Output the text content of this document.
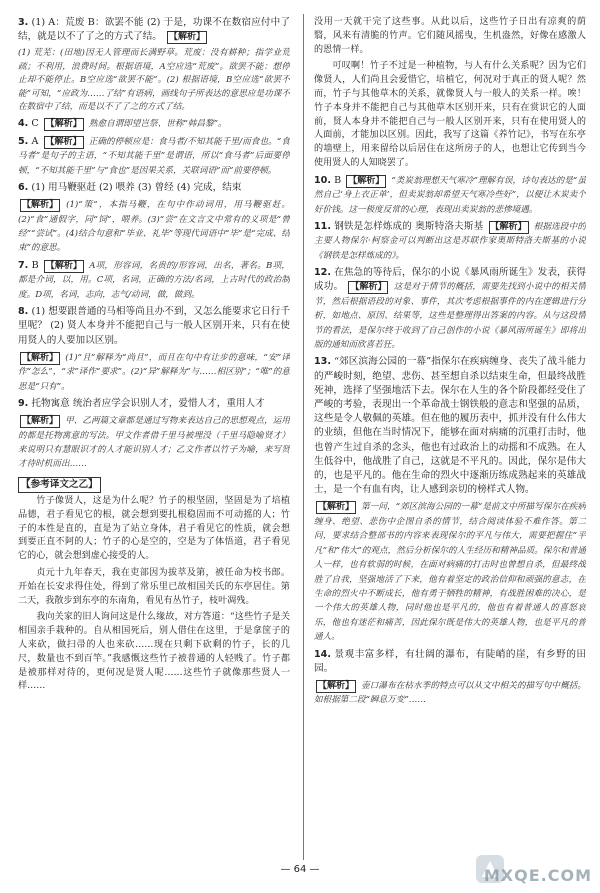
3. (1) A：荒废 B：欲罢不能 (2) 于是，功课不在数宿应付中了结，就是以不了了之的方式了结。 【解析】

(1) 荒芜：(田地)因无人管理而长满野草。荒废：没有耕种；指学业荒疏；不利用，浪费时间。根据语境，A空应选“荒废”。欲罢不能：想停止却不能停止。B空应选“欲罢不能”。(2) 根据语境，B空应选“欲罢不能”可知，“应政为……了结”有语病，画线句子所表达的意思应是功课不在数宿中了结，而是以不了了之的方式了结。

4. C 【解析】 熟愈自谓即望岂祭、世称“韩昌黎”。

5. A 【解析】 正确的停顿应是：食马者/不知其能千里/而食也。“食马者”是句子的主语，“不知其能千里”是谓语，所以“食马者”后面要停顿，“不知其能千里”与“食也”是因果关系，关联词语“而”前要停顿。

6. (1) 用马鞭驱赶 (2) 喂养 (3) 曾经 (4) 完成，结束

【解析】 (1)“策”，本指马鞭，在句中作动词用，用马鞭驱赶。(2)“食”通假字，同“饲”，喂养。(3)“尝”在文言文中常有的义项是“曾经”“尝试”。(4)结合句意和“毕业、礼毕”等现代词语中“毕”是“完成、结束”的意思。

7. B 【解析】 A项，形容词，名贵的/形容词，出名，著名。B项，都是介词，以，用。C项，名词，正确的方法/名词，上古时代的政治制度。D项，名词，志向，志气/动词，做，做到。

8. (1) 想要跟普通的马相等尚且办不到，又怎么能要求它日行千里呢？ (2) 贤人本身并不能把自己与一般人区别开来，只有在使用贤人的人要加以区别。

【解析】 (1)“且”解释为“尚且”，而且在句中有让步的意味，“安”译作“怎么”，“求”译作“要求”。(2)“异”解释为“与……相区别”；“唯”的意思是“只有”。

9. 托物寓意 统治者应学会识别人才，爱惜人才，重用人才

【解析】 甲、乙两篇文章都是通过写物来表达自己的思想观点，运用的都是托物寓意的写法。甲文作者借千里马被埋没（千里马隐喻贤才）来说明只有慧眼识才的人才能识别人才；乙文作者以竹子为喻，来写贤才待时机而出……

【参考译文之乙】

竹子像贤人，这是为什么呢？竹子的根坚固，坚固是为了培植品德，君子看见它的根，就会想到要扎根稳固而不可动摇的人；竹子的本性是直的，直是为了站立身体，君子看见它的性质，就会想到要正直不阿的人；竹子的心是空的，空是为了体悟道，君子看见它的心，就会想到虚心接受的人。

贞元十九年春天，我在吏部因为拔萃及第，被任命为校书郎。开始在长安求得住处，得到了常乐里已故相国关氏的东亭居住。第二天，我散步到东亭的东南角，看见有丛竹子，枝叶凋残。

我向关家的旧人询问这是什么缘故，对方答道：“这些竹子是关相国亲手栽种的。自从相国死后，别人借住在这里，于是拿筐子的人来砍，做扫帚的人也来砍……现在只剩下砍剩的竹子，长的几尺，数量也不到百竿。”我感慨这些竹子被普通的人轻贱了。竹子都是被那样对待的，更何况是贤人呢……这些竹子就像那些贤人一样……

没用一天就干完了这些事。从此以后，这些竹子日出有凉爽的荫翳，风来有清脆的竹声。它们随风摇曳，生机盎然，好像在感激人的恩情一样。

可叹啊！竹子不过是一种植物，与人有什么关系呢？因为它们像贤人，人们尚且会爱惜它，培植它，何况对于真正的贤人呢？然而，竹子与其他草木的关系，就像贤人与一般人的关系一样。唉！竹子本身并不能把自己与其他草木区别开来，只有在赏识它的人面前，贤人本身并不能把自己与一般人区别开来，只有在使用贤人的人面前，才能加以区别。因此，我写了这篇《养竹记》，书写在东亭的墙壁上，用来留给以后居住在这所房子的人，也想让它传到当今使用贤人的人知晓罢了。

10. B 【解析】 “类炭翁理想天气寒冷”理解有误，诗句表达的是“虽然自己‘身上衣正单’，但卖炭翁却希望天气寒冷些好”，以便让木炭卖个好价钱。这一极度反常的心理，表现出卖炭翁的悲惨境遇。

11. 钢铁是怎样炼成的 奥斯特洛夫斯基 【解析】 根据选段中的主要人物保尔·柯察金可以判断出这是苏联作家奥斯特洛夫斯基的小说《钢铁是怎样炼成的》。

12. 在焦急的等待后，保尔的小说《暴风雨所诞生》发表，获得成功。 【解析】 这是对于情节的概括，需要先找到小说中的相关情节，然后根据语段的对象、事件，其次考虑根据事件的内在逻辑进行分析，如地点、原因、结果等，这些是整理得出答案的内容。从与这段情节的看法，是保尔终于收到了自己创作的小说《暴风雨所诞生》即将出版的通知而欣喜若狂。

13. “郊区滨海公园的一幕”指保尔在疾病缠身、丧失了战斗能力的严峻时刻，绝望、悲伤、甚至想自杀以结束生命，但最终战胜死神，选择了坚强地活下去。保尔在人生的各个阶段都经受住了严峻的考验，表现出一个革命战士钢铁般的意志和坚强的品质，这些是令人敬佩的英雄。但在他的履历表中，抓并没有什么伟大的业绩，但他在当时情况下，能够在面对病痛的沉重打击时，他也曾产生过自杀的念头，他也有过政治上的动摇和不成熟。在人生低谷中，他战胜了自己，这就是不平凡的。因此，保尔是伟大的，也是平凡的。他在生命的烈火中逐渐历练成熟起来的英雄战士，是一个有血有肉，让人感到亲切的榜样式人物。

【解析】 第一问，“郊区滨海公园的一幕”是前文中所描写保尔在疾病缠身、绝望、悲伤中企图自杀的情节，结合阅读体验不难作答。第二问，要求结合整部书的内容来表现保尔的平凡与伟大，需要把握住“平凡”和“伟大”的观点，然后分析保尔的人生经历和精神品质。保尔和普通人一样，也有软弱的时候，在面对病痛的打击时也曾想自杀，但最终战胜了自我，坚强地活了下来，他有着坚定的政治信仰和顽强的意志，在生命的烈火中不断成长，他有勇于牺牲的精神，有战胜困难的决心，是一个伟大的英雄人物，同时他也是平凡的，他也有着普通人的喜怒哀乐，他也有迷茫和痛苦，因此保尔既是伟大的英雄人物，也是平凡的普通人。

14. 景观丰富多样，有壮阔的瀑布，有陡峭的崖，有乡野的田园。

【解析】 壶口瀑布在枯水季的特点可以从文中相关的描写句中概括。如根据第二段“瞬息万变”……

— 64 —	MXQE.COM
